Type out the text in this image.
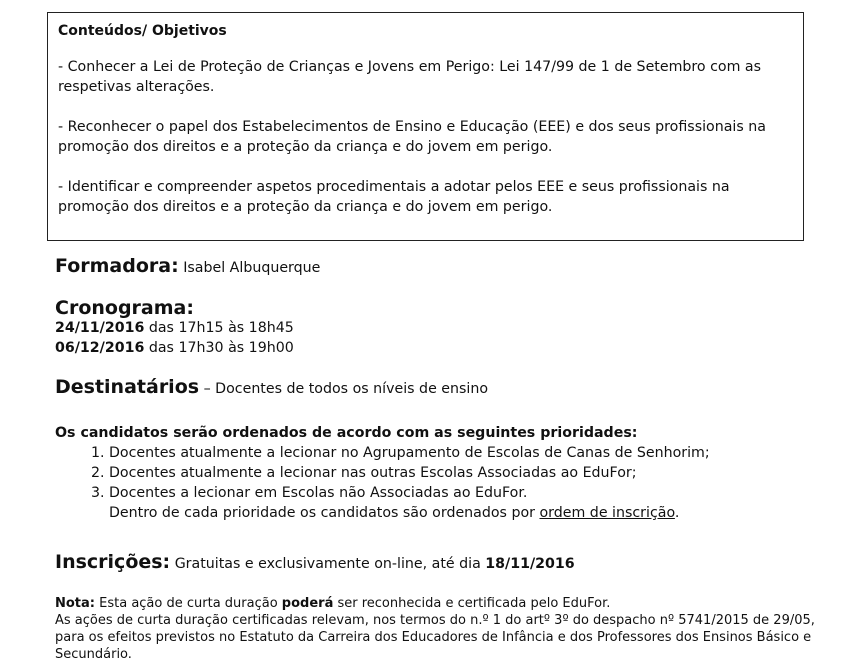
Conteúdos/ Objetivos

- Conhecer a Lei de Proteção de Crianças e Jovens em Perigo: Lei 147/99 de 1 de Setembro com as respetivas alterações.

- Reconhecer o papel dos Estabelecimentos de Ensino e Educação (EEE) e dos seus profissionais na promoção dos direitos e a proteção da criança e do jovem em perigo.

- Identificar e compreender aspetos procedimentais a adotar pelos EEE e seus profissionais na promoção dos direitos e a proteção da criança e do jovem em perigo.

Formadora: Isabel Albuquerque
Cronograma:
24/11/2016 das 17h15 às 18h45
06/12/2016 das 17h30 às 19h00
Destinatários – Docentes de todos os níveis de ensino
Os candidatos serão ordenados de acordo com as seguintes prioridades:
1. Docentes atualmente a lecionar no Agrupamento de Escolas de Canas de Senhorim;
2. Docentes atualmente a lecionar nas outras Escolas Associadas ao EduFor;
3. Docentes a lecionar em Escolas não Associadas ao EduFor.
Dentro de cada prioridade os candidatos são ordenados por ordem de inscrição.
Inscrições: Gratuitas e exclusivamente on-line, até dia 18/11/2016
Nota: Esta ação de curta duração poderá ser reconhecida e certificada pelo EduFor.
As ações de curta duração certificadas relevam, nos termos do n.º 1 do artº 3º do despacho nº 5741/2015 de 29/05, para os efeitos previstos no Estatuto da Carreira dos Educadores de Infância e dos Professores dos Ensinos Básico e Secundário.
